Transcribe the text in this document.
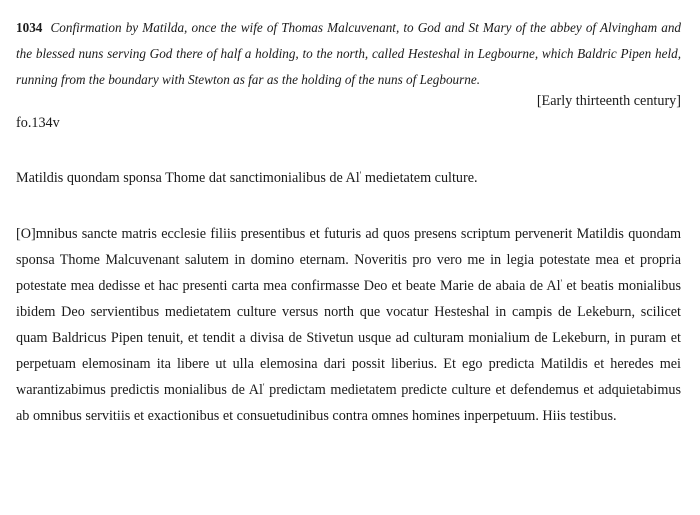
1034 Confirmation by Matilda, once the wife of Thomas Malcuvenant, to God and St Mary of the abbey of Alvingham and the blessed nuns serving God there of half a holding, to the north, called Hesteshal in Legbourne, which Baldric Pipen held, running from the boundary with Stewton as far as the holding of the nuns of Legbourne.

[Early thirteenth century]

fo.134v

Matildis quondam sponsa Thome dat sanctimonialibus de Al' medietatem culture.

[O]mnibus sancte matris ecclesie filiis presentibus et futuris ad quos presens scriptum pervenerit Matildis quondam sponsa Thome Malcuvenant salutem in domino eternam. Noveritis pro vero me in legia potestate mea et propria potestate mea dedisse et hac presenti carta mea confirmasse Deo et beate Marie de abaia de Al' et beatis monialibus ibidem Deo servientibus medietatem culture versus north que vocatur Hesteshal in campis de Lekeburn, scilicet quam Baldricus Pipen tenuit, et tendit a divisa de Stivetun usque ad culturam monialium de Lekeburn, in puram et perpetuam elemosinam ita libere ut ulla elemosina dari possit liberius. Et ego predicta Matildis et heredes mei warantizabimus predictis monialibus de Al' predictam medietatem predicte culture et defendemus et adquietabimus ab omnibus servitiis et exactionibus et consuetudinibus contra omnes homines inperpetuum. Hiis testibus.
